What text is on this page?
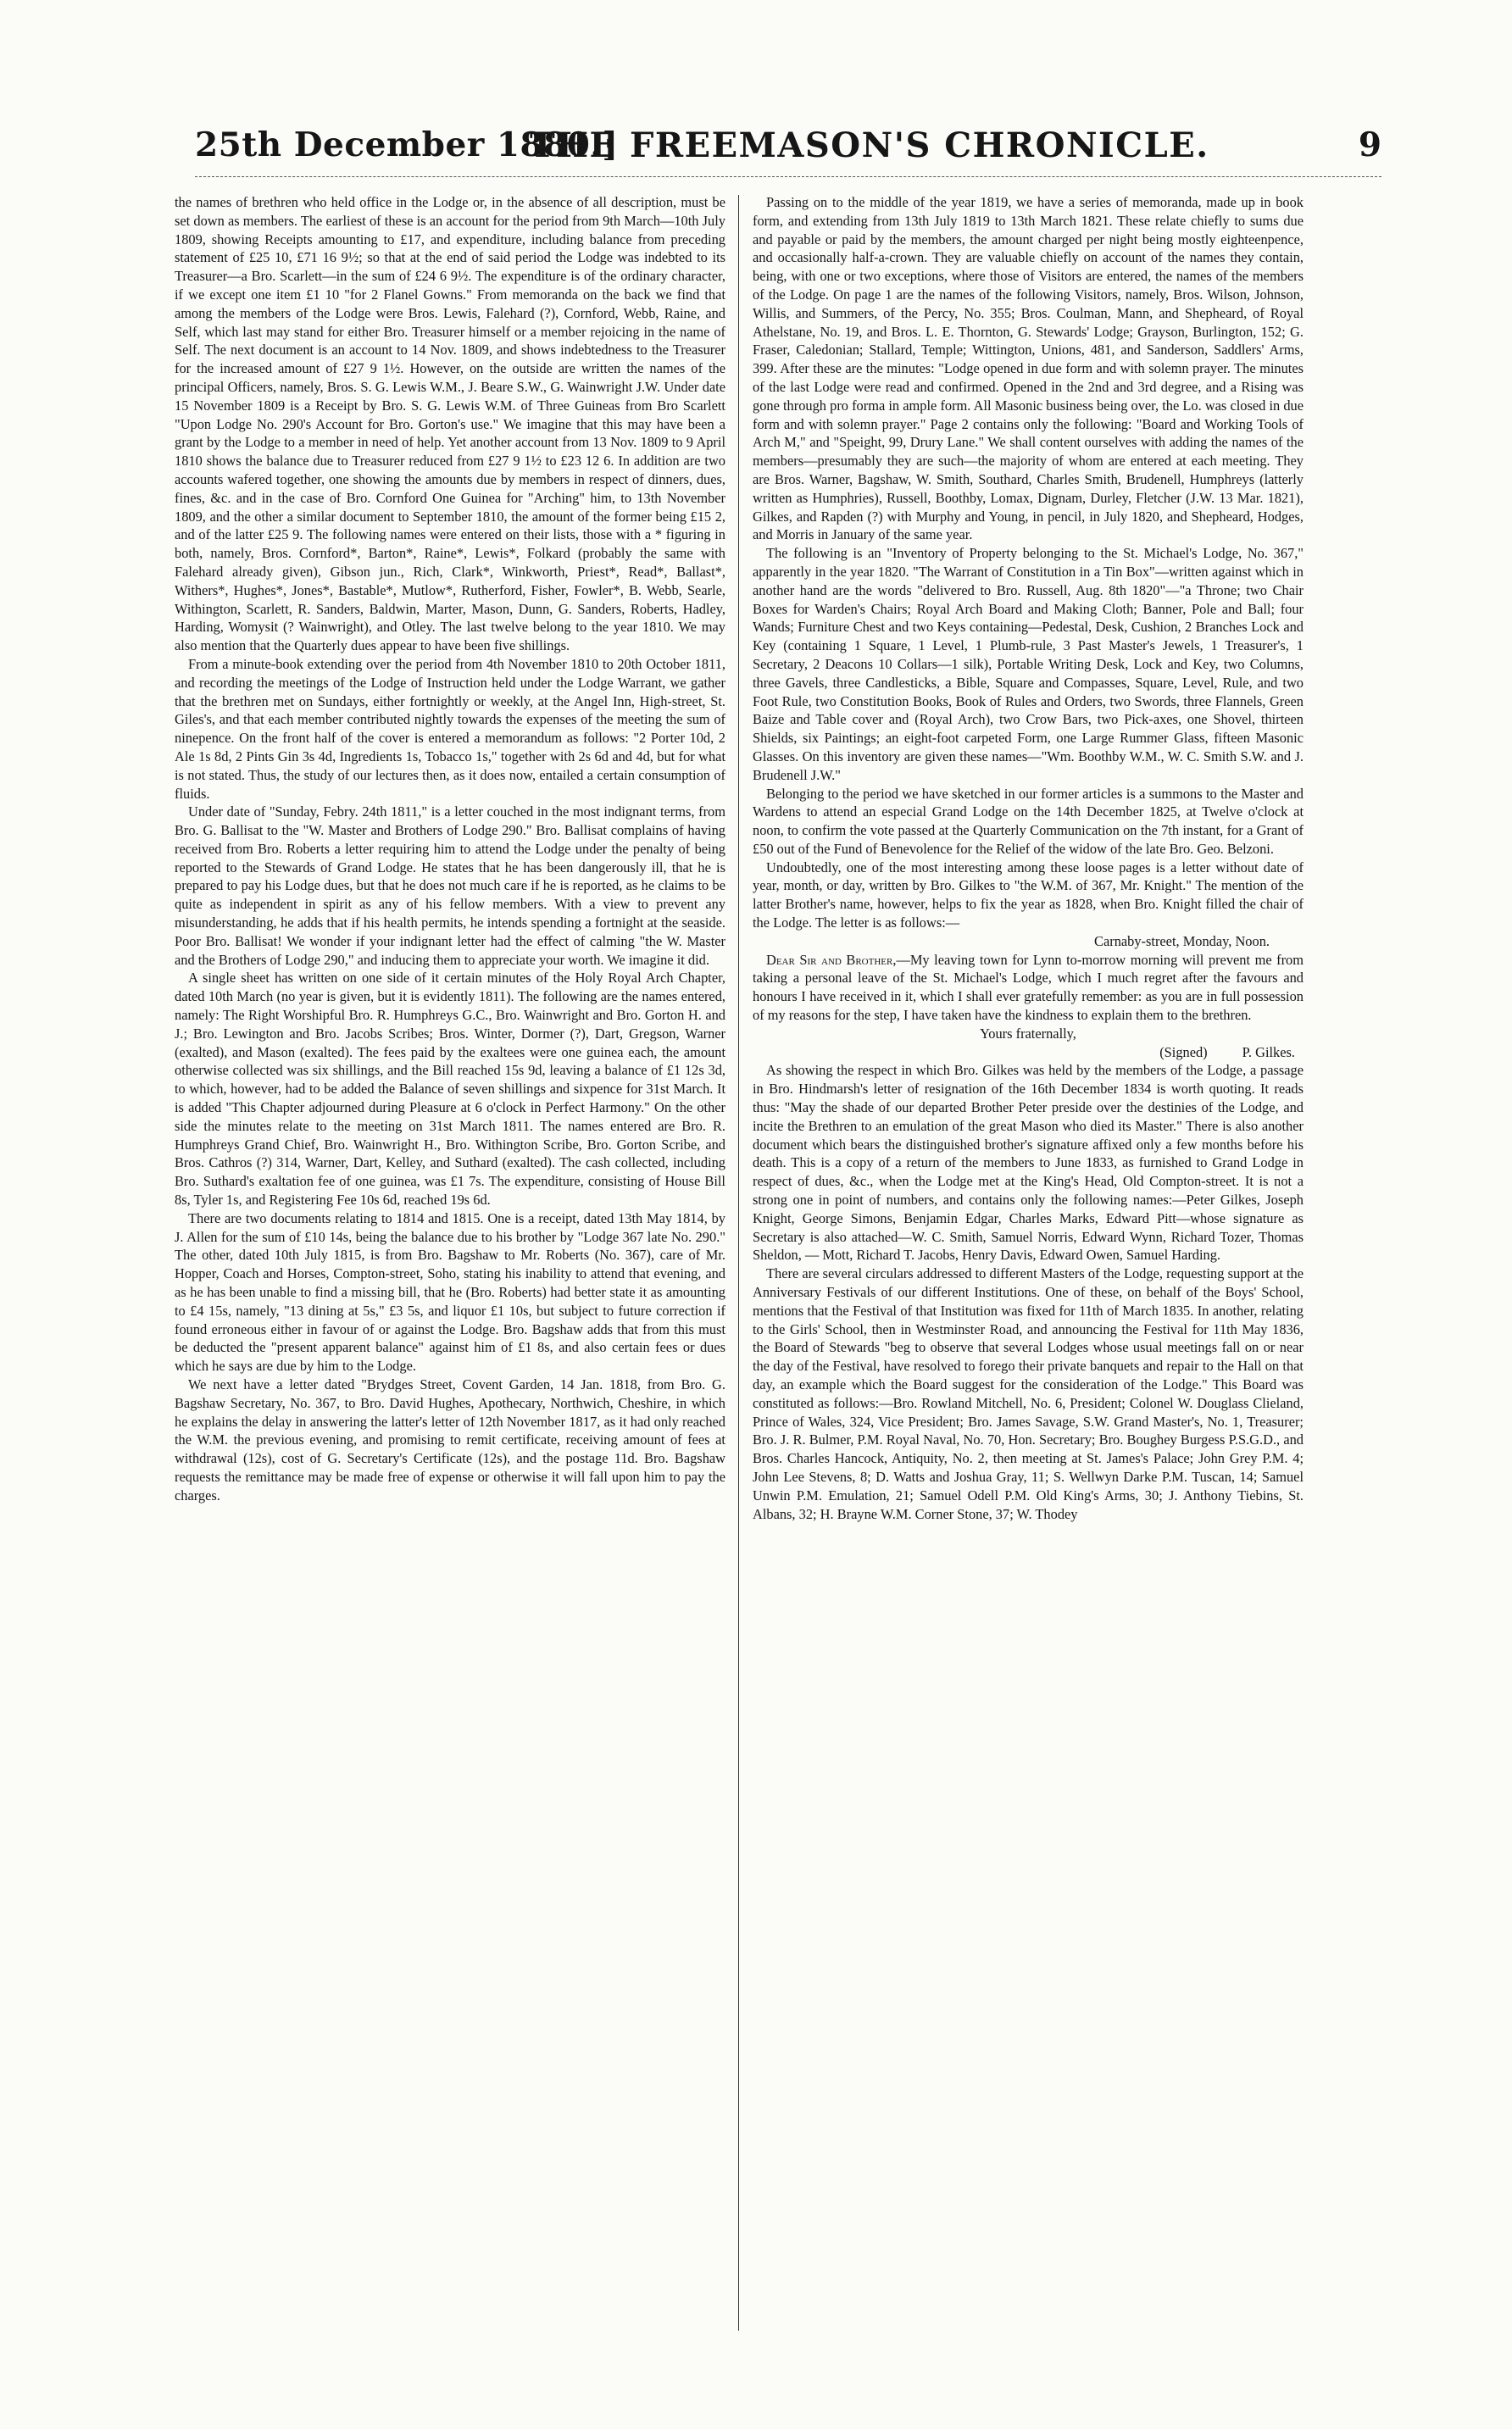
25th December 1880.]
THE FREEMASON'S CHRONICLE.	9

the names of brethren who held office in the Lodge or, in the absence of all description, must be set down as members. The earliest of these is an account for the period from 9th March—10th July 1809, showing Receipts amounting to £17, and expenditure, including balance from preceding statement of £25 10, £71 16 9½; so that at the end of said period the Lodge was indebted to its Treasurer—a Bro. Scarlett—in the sum of £24 6 9½. The expenditure is of the ordinary character, if we except one item £1 10 "for 2 Flanel Gowns." From memoranda on the back we find that among the members of the Lodge were Bros. Lewis, Falehard (?), Cornford, Webb, Raine, and Self, which last may stand for either Bro. Treasurer himself or a member rejoicing in the name of Self. The next document is an account to 14 Nov. 1809, and shows indebtedness to the Treasurer for the increased amount of £27 9 1½. However, on the outside are written the names of the principal Officers, namely, Bros. S. G. Lewis W.M., J. Beare S.W., G. Wainwright J.W. Under date 15 November 1809 is a Receipt by Bro. S. G. Lewis W.M. of Three Guineas from Bro Scarlett "Upon Lodge No. 290's Account for Bro. Gorton's use." We imagine that this may have been a grant by the Lodge to a member in need of help. Yet another account from 13 Nov. 1809 to 9 April 1810 shows the balance due to Treasurer reduced from £27 9 1½ to £23 12 6. In addition are two accounts wafered together, one showing the amounts due by members in respect of dinners, dues, fines, &c. and in the case of Bro. Cornford One Guinea for "Arching" him, to 13th November 1809, and the other a similar document to September 1810, the amount of the former being £15 2, and of the latter £25 9. The following names were entered on their lists, those with a * figuring in both, namely, Bros. Cornford*, Barton*, Raine*, Lewis*, Folkard (probably the same with Falehard already given), Gibson jun., Rich, Clark*, Winkworth, Priest*, Read*, Ballast*, Withers*, Hughes*, Jones*, Bastable*, Mutlow*, Rutherford, Fisher, Fowler*, B. Webb, Searle, Withington, Scarlett, R. Sanders, Baldwin, Marter, Mason, Dunn, G. Sanders, Roberts, Hadley, Harding, Womysit (? Wainwright), and Otley. The last twelve belong to the year 1810. We may also mention that the Quarterly dues appear to have been five shillings.

From a minute-book extending over the period from 4th November 1810 to 20th October 1811, and recording the meetings of the Lodge of Instruction held under the Lodge Warrant, we gather that the brethren met on Sundays, either fortnightly or weekly, at the Angel Inn, High-street, St. Giles's, and that each member contributed nightly towards the expenses of the meeting the sum of ninepence. On the front half of the cover is entered a memorandum as follows: "2 Porter 10d, 2 Ale 1s 8d, 2 Pints Gin 3s 4d, Ingredients 1s, Tobacco 1s," together with 2s 6d and 4d, but for what is not stated. Thus, the study of our lectures then, as it does now, entailed a certain consumption of fluids.

Under date of "Sunday, Febry. 24th 1811," is a letter couched in the most indignant terms, from Bro. G. Ballisat to the "W. Master and Brothers of Lodge 290." Bro. Ballisat complains of having received from Bro. Roberts a letter requiring him to attend the Lodge under the penalty of being reported to the Stewards of Grand Lodge. He states that he has been dangerously ill, that he is prepared to pay his Lodge dues, but that he does not much care if he is reported, as he claims to be quite as independent in spirit as any of his fellow members. With a view to prevent any misunderstanding, he adds that if his health permits, he intends spending a fortnight at the seaside. Poor Bro. Ballisat! We wonder if your indignant letter had the effect of calming "the W. Master and the Brothers of Lodge 290," and inducing them to appreciate your worth. We imagine it did.

A single sheet has written on one side of it certain minutes of the Holy Royal Arch Chapter, dated 10th March (no year is given, but it is evidently 1811). The following are the names entered, namely: The Right Worshipful Bro. R. Humphreys G.C., Bro. Wainwright and Bro. Gorton H. and J.; Bro. Lewington and Bro. Jacobs Scribes; Bros. Winter, Dormer (?), Dart, Gregson, Warner (exalted), and Mason (exalted). The fees paid by the exaltees were one guinea each, the amount otherwise collected was six shillings, and the Bill reached 15s 9d, leaving a balance of £1 12s 3d, to which, however, had to be added the Balance of seven shillings and sixpence for 31st March. It is added "This Chapter adjourned during Pleasure at 6 o'clock in Perfect Harmony." On the other side the minutes relate to the meeting on 31st March 1811. The names entered are Bro. R. Humphreys Grand Chief, Bro. Wainwright H., Bro. Withington Scribe, Bro. Gorton Scribe, and Bros. Cathros (?) 314, Warner, Dart, Kelley, and Suthard (exalted). The cash collected, including Bro. Suthard's exaltation fee of one guinea, was £1 7s. The expenditure, consisting of House Bill 8s, Tyler 1s, and Registering Fee 10s 6d, reached 19s 6d.

There are two documents relating to 1814 and 1815. One is a receipt, dated 13th May 1814, by J. Allen for the sum of £10 14s, being the balance due to his brother by "Lodge 367 late No. 290." The other, dated 10th July 1815, is from Bro. Bagshaw to Mr. Roberts (No. 367), care of Mr. Hopper, Coach and Horses, Compton-street, Soho, stating his inability to attend that evening, and as he has been unable to find a missing bill, that he (Bro. Roberts) had better state it as amounting to £4 15s, namely, "13 dining at 5s," £3 5s, and liquor £1 10s, but subject to future correction if found erroneous either in favour of or against the Lodge. Bro. Bagshaw adds that from this must be deducted the "present apparent balance" against him of £1 8s, and also certain fees or dues which he says are due by him to the Lodge.

We next have a letter dated "Brydges Street, Covent Garden, 14 Jan. 1818, from Bro. G. Bagshaw Secretary, No. 367, to Bro. David Hughes, Apothecary, Northwich, Cheshire, in which he explains the delay in answering the latter's letter of 12th November 1817, as it had only reached the W.M. the previous evening, and promising to remit certificate, receiving amount of fees at withdrawal (12s), cost of G. Secretary's Certificate (12s), and the postage 11d. Bro. Bagshaw requests the remittance may be made free of expense or otherwise it will fall upon him to pay the charges.

Passing on to the middle of the year 1819, we have a series of memoranda, made up in book form, and extending from 13th July 1819 to 13th March 1821. These relate chiefly to sums due and payable or paid by the members, the amount charged per night being mostly eighteenpence, and occasionally half-a-crown. They are valuable chiefly on account of the names they contain, being, with one or two exceptions, where those of Visitors are entered, the names of the members of the Lodge. On page 1 are the names of the following Visitors, namely, Bros. Wilson, Johnson, Willis, and Summers, of the Percy, No. 355; Bros. Coulman, Mann, and Shepheard, of Royal Athelstane, No. 19, and Bros. L. E. Thornton, G. Stewards' Lodge; Grayson, Burlington, 152; G. Fraser, Caledonian; Stallard, Temple; Wittington, Unions, 481, and Sanderson, Saddlers' Arms, 399. After these are the minutes: "Lodge opened in due form and with solemn prayer. The minutes of the last Lodge were read and confirmed. Opened in the 2nd and 3rd degree, and a Rising was gone through pro forma in ample form. All Masonic business being over, the Lo. was closed in due form and with solemn prayer." Page 2 contains only the following: "Board and Working Tools of Arch M," and "Speight, 99, Drury Lane." We shall content ourselves with adding the names of the members—presumably they are such—the majority of whom are entered at each meeting. They are Bros. Warner, Bagshaw, W. Smith, Southard, Charles Smith, Brudenell, Humphreys (latterly written as Humphries), Russell, Boothby, Lomax, Dignam, Durley, Fletcher (J.W. 13 Mar. 1821), Gilkes, and Rapden (?) with Murphy and Young, in pencil, in July 1820, and Shepheard, Hodges, and Morris in January of the same year.

The following is an "Inventory of Property belonging to the St. Michael's Lodge, No. 367," apparently in the year 1820. "The Warrant of Constitution in a Tin Box"—written against which in another hand are the words "delivered to Bro. Russell, Aug. 8th 1820"—"a Throne; two Chair Boxes for Warden's Chairs; Royal Arch Board and Making Cloth; Banner, Pole and Ball; four Wands; Furniture Chest and two Keys containing—Pedestal, Desk, Cushion, 2 Branches Lock and Key (containing 1 Square, 1 Level, 1 Plumb-rule, 3 Past Master's Jewels, 1 Treasurer's, 1 Secretary, 2 Deacons 10 Collars—1 silk), Portable Writing Desk, Lock and Key, two Columns, three Gavels, three Candlesticks, a Bible, Square and Compasses, Square, Level, Rule, and two Foot Rule, two Constitution Books, Book of Rules and Orders, two Swords, three Flannels, Green Baize and Table cover and (Royal Arch), two Crow Bars, two Pick-axes, one Shovel, thirteen Shields, six Paintings; an eight-foot carpeted Form, one Large Rummer Glass, fifteen Masonic Glasses. On this inventory are given these names—"Wm. Boothby W.M., W. C. Smith S.W. and J. Brudenell J.W."

Belonging to the period we have sketched in our former articles is a summons to the Master and Wardens to attend an especial Grand Lodge on the 14th December 1825, at Twelve o'clock at noon, to confirm the vote passed at the Quarterly Communication on the 7th instant, for a Grant of £50 out of the Fund of Benevolence for the Relief of the widow of the late Bro. Geo. Belzoni.

Undoubtedly, one of the most interesting among these loose pages is a letter without date of year, month, or day, written by Bro. Gilkes to "the W.M. of 367, Mr. Knight." The mention of the latter Brother's name, however, helps to fix the year as 1828, when Bro. Knight filled the chair of the Lodge. The letter is as follows:—

Carnaby-street, Monday, Noon.

Dear Sir and Brother,—My leaving town for Lynn to-morrow morning will prevent me from taking a personal leave of the St. Michael's Lodge, which I much regret after the favours and honours I have received in it, which I shall ever gratefully remember: as you are in full possession of my reasons for the step, I have taken have the kindness to explain them to the brethren.

Yours fraternally,

(Signed)          P. Gilkes.

As showing the respect in which Bro. Gilkes was held by the members of the Lodge, a passage in Bro. Hindmarsh's letter of resignation of the 16th December 1834 is worth quoting. It reads thus: "May the shade of our departed Brother Peter preside over the destinies of the Lodge, and incite the Brethren to an emulation of the great Mason who died its Master." There is also another document which bears the distinguished brother's signature affixed only a few months before his death. This is a copy of a return of the members to June 1833, as furnished to Grand Lodge in respect of dues, &c., when the Lodge met at the King's Head, Old Compton-street. It is not a strong one in point of numbers, and contains only the following names:—Peter Gilkes, Joseph Knight, George Simons, Benjamin Edgar, Charles Marks, Edward Pitt—whose signature as Secretary is also attached—W. C. Smith, Samuel Norris, Edward Wynn, Richard Tozer, Thomas Sheldon, — Mott, Richard T. Jacobs, Henry Davis, Edward Owen, Samuel Harding.

There are several circulars addressed to different Masters of the Lodge, requesting support at the Anniversary Festivals of our different Institutions. One of these, on behalf of the Boys' School, mentions that the Festival of that Institution was fixed for 11th of March 1835. In another, relating to the Girls' School, then in Westminster Road, and announcing the Festival for 11th May 1836, the Board of Stewards "beg to observe that several Lodges whose usual meetings fall on or near the day of the Festival, have resolved to forego their private banquets and repair to the Hall on that day, an example which the Board suggest for the consideration of the Lodge." This Board was constituted as follows:—Bro. Rowland Mitchell, No. 6, President; Colonel W. Douglass Clieland, Prince of Wales, 324, Vice President; Bro. James Savage, S.W. Grand Master's, No. 1, Treasurer; Bro. J. R. Bulmer, P.M. Royal Naval, No. 70, Hon. Secretary; Bro. Boughey Burgess P.S.G.D., and Bros. Charles Hancock, Antiquity, No. 2, then meeting at St. James's Palace; John Grey P.M. 4; John Lee Stevens, 8; D. Watts and Joshua Gray, 11; S. Wellwyn Darke P.M. Tuscan, 14; Samuel Unwin P.M. Emulation, 21; Samuel Odell P.M. Old King's Arms, 30; J. Anthony Tiebins, St. Albans, 32; H. Brayne W.M. Corner Stone, 37; W. Thodey
